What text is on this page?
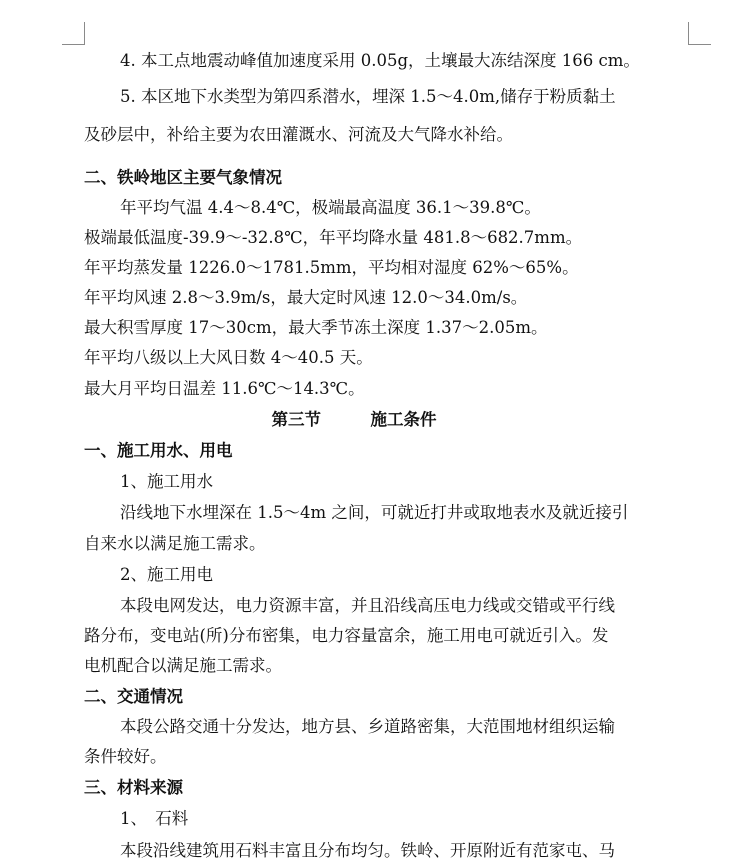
4. 本工点地震动峰值加速度采用 0.05g，土壤最大冻结深度 166 cm。
5. 本区地下水类型为第四系潜水，埋深 1.5～4.0m,储存于粉质黏土
及砂层中，补给主要为农田灌溉水、河流及大气降水补给。
二、铁岭地区主要气象情况
年平均气温 4.4～8.4℃，极端最高温度 36.1～39.8℃。
极端最低温度-39.9～-32.8℃，年平均降水量 481.8～682.7mm。
年平均蒸发量 1226.0～1781.5mm，平均相对湿度 62%～65%。
年平均风速 2.8～3.9m/s，最大定时风速 12.0～34.0m/s。
最大积雪厚度 17～30cm，最大季节冻土深度 1.37～2.05m。
年平均八级以上大风日数 4～40.5 天。
最大月平均日温差 11.6℃～14.3℃。
第三节　　　施工条件
一、施工用水、用电
1、施工用水
沿线地下水埋深在 1.5～4m 之间，可就近打井或取地表水及就近接引
自来水以满足施工需求。
2、施工用电
本段电网发达，电力资源丰富，并且沿线高压电力线或交错或平行线
路分布，变电站(所)分布密集，电力容量富余，施工用电可就近引入。发
电机配合以满足施工需求。
二、交通情况
本段公路交通十分发达，地方县、乡道路密集，大范围地材组织运输
条件较好。
三、材料来源
1、　石料
本段沿线建筑用石料丰富且分布均匀。铁岭、开原附近有范家屯、马
